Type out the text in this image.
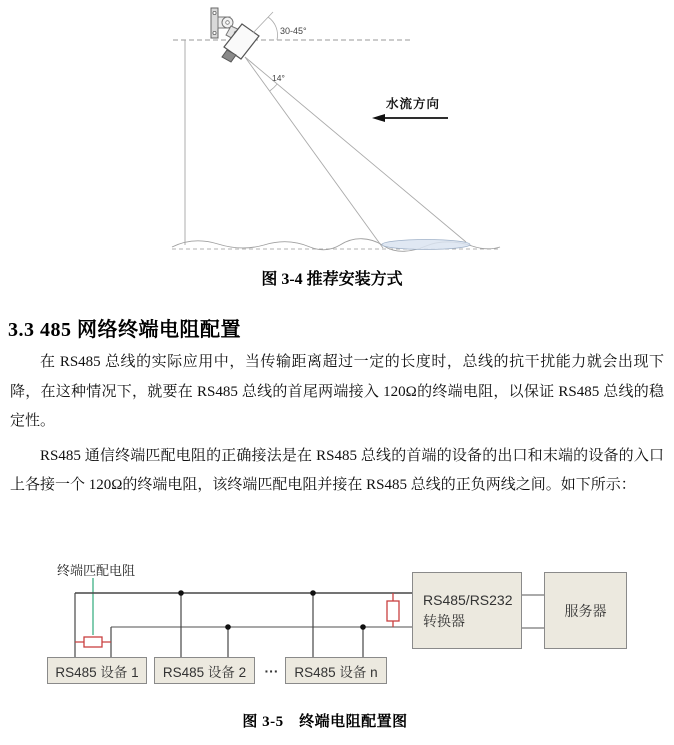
30-45°
14°
水流方向
图 3-4 推荐安装方式
3.3 485 网络终端电阻配置

在 RS485 总线的实际应用中，当传输距离超过一定的长度时，总线的抗干扰能力就会出现下降，在这种情况下，就要在 RS485 总线的首尾两端接入 120Ω的终端电阻，以保证 RS485 总线的稳定性。

RS485 通信终端匹配电阻的正确接法是在 RS485 总线的首端的设备的出口和末端的设备的入口上各接一个 120Ω的终端电阻，该终端匹配电阻并接在 RS485 总线的正负两线之间。如下所示：

终端匹配电阻
RS485 设备 1	RS485 设备 2	···	RS485 设备 n
RS485/RS232
转换器
服务器
图 3-5　终端电阻配置图
